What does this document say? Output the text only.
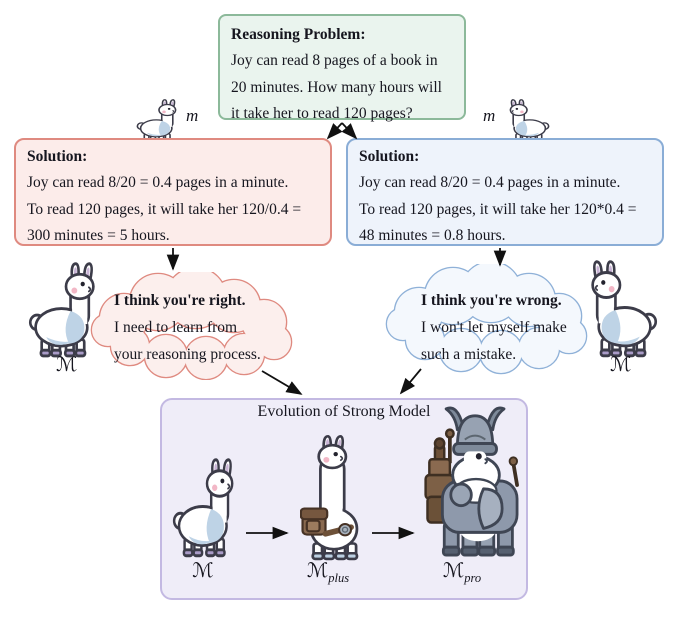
Reasoning Problem:
Joy can read 8 pages of a book in
20 minutes. How many hours will
it take her to read 120 pages?
m	m
Solution:
Joy can read 8/20 = 0.4 pages in a minute.
To read 120 pages, it will take her 120/0.4 =
300 minutes = 5 hours.
Solution:
Joy can read 8/20 = 0.4 pages in a minute.
To read 120 pages, it will take her 120*0.4 =
48 minutes = 0.8 hours.
I think you're right.
I need to learn from
your reasoning process.
I think you're wrong.
I won't let myself make
such a mistake.
ℳ	ℳ
Evolution of Strong Model
ℳ	ℳ$_{plus}$	ℳ$_{pro}$
